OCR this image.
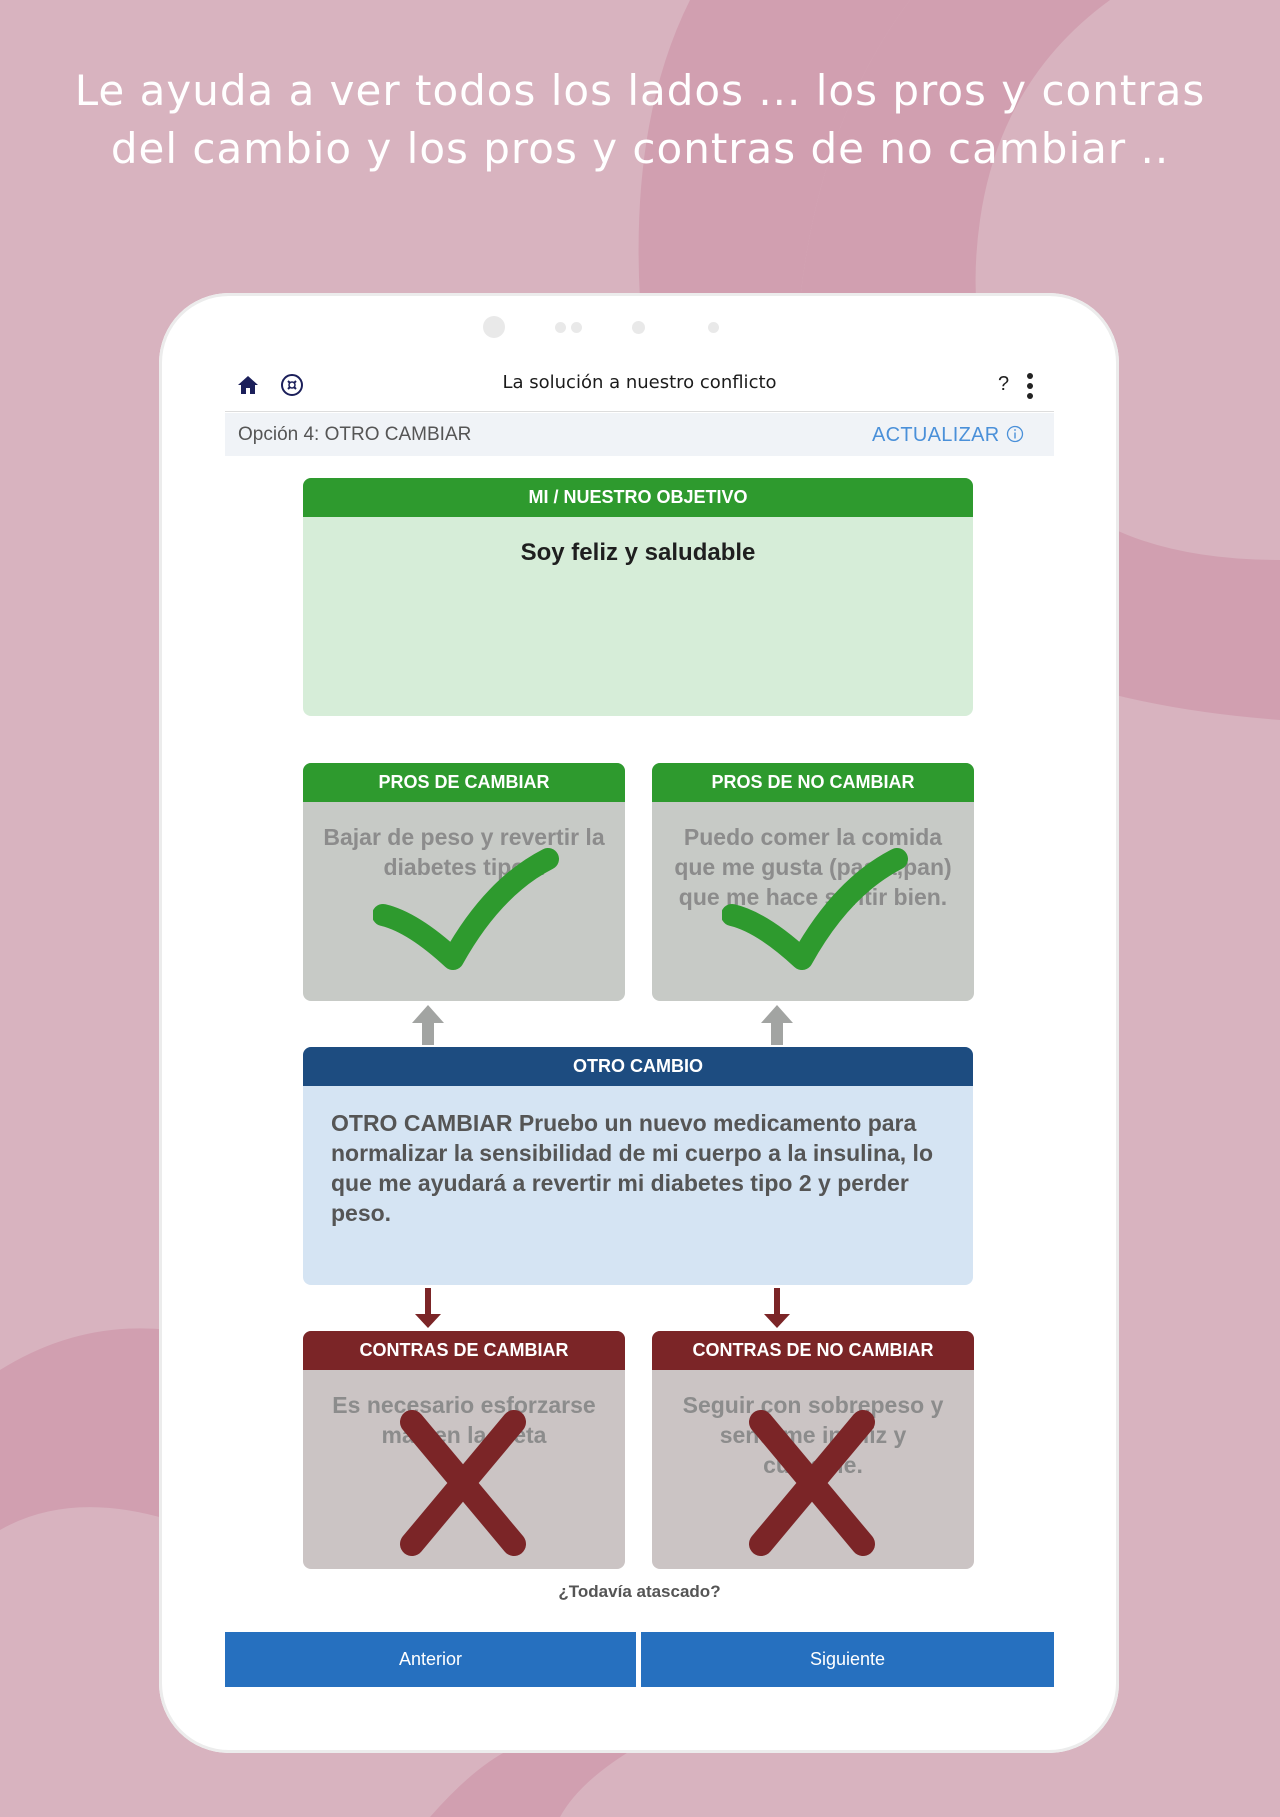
Le ayuda a ver todos los lados ... los pros y contras del cambio y los pros y contras de no cambiar ..
La solución a nuestro conflicto	?
Opción 4: OTRO CAMBIAR	ACTUALIZAR
MI / NUESTRO OBJETIVO
Soy feliz y saludable
PROS DE CAMBIAR
Bajar de peso y revertir la diabetes tipo 2
PROS DE NO CAMBIAR
Puedo comer la comida que me gusta (pasta,pan) que me hace sentir bien.
OTRO CAMBIO
OTRO CAMBIAR Pruebo un nuevo medicamento para normalizar la sensibilidad de mi cuerpo a la insulina, lo que me ayudará a revertir mi diabetes tipo 2 y perder peso.
CONTRAS DE CAMBIAR
Es necesario esforzarse más en la dieta
CONTRAS DE NO CAMBIAR
Seguir con sobrepeso y sentirme infeliz y culpable.
¿Todavía atascado?
Anterior	Siguiente
